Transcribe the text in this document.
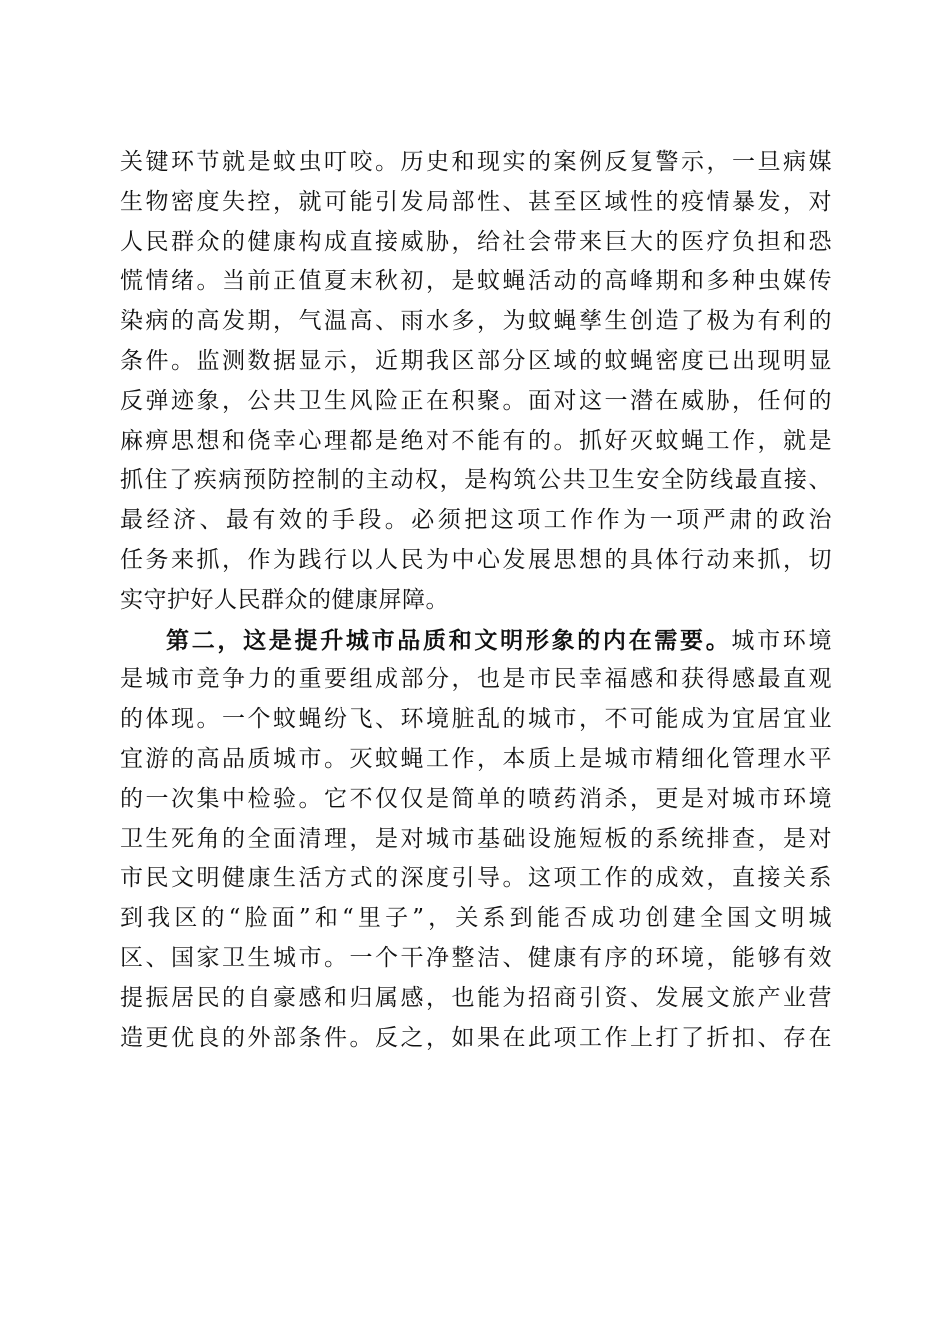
关键环节就是蚊虫叮咬。历史和现实的案例反复警示，一旦病媒
生物密度失控，就可能引发局部性、甚至区域性的疫情暴发，对
人民群众的健康构成直接威胁，给社会带来巨大的医疗负担和恐
慌情绪。当前正值夏末秋初，是蚊蝇活动的高峰期和多种虫媒传
染病的高发期，气温高、雨水多，为蚊蝇孳生创造了极为有利的
条件。监测数据显示，近期我区部分区域的蚊蝇密度已出现明显
反弹迹象，公共卫生风险正在积聚。面对这一潜在威胁，任何的
麻痹思想和侥幸心理都是绝对不能有的。抓好灭蚊蝇工作，就是
抓住了疾病预防控制的主动权，是构筑公共卫生安全防线最直接、
最经济、最有效的手段。必须把这项工作作为一项严肃的政治
任务来抓，作为践行以人民为中心发展思想的具体行动来抓，切
实守护好人民群众的健康屏障。
第二，这是提升城市品质和文明形象的内在需要。城市环境
是城市竞争力的重要组成部分，也是市民幸福感和获得感最直观
的体现。一个蚊蝇纷飞、环境脏乱的城市，不可能成为宜居宜业
宜游的高品质城市。灭蚊蝇工作，本质上是城市精细化管理水平
的一次集中检验。它不仅仅是简单的喷药消杀，更是对城市环境
卫生死角的全面清理，是对城市基础设施短板的系统排查，是对
市民文明健康生活方式的深度引导。这项工作的成效，直接关系
到我区的“脸面”和“里子”，关系到能否成功创建全国文明城
区、国家卫生城市。一个干净整洁、健康有序的环境，能够有效
提振居民的自豪感和归属感，也能为招商引资、发展文旅产业营
造更优良的外部条件。反之，如果在此项工作上打了折扣、存在
